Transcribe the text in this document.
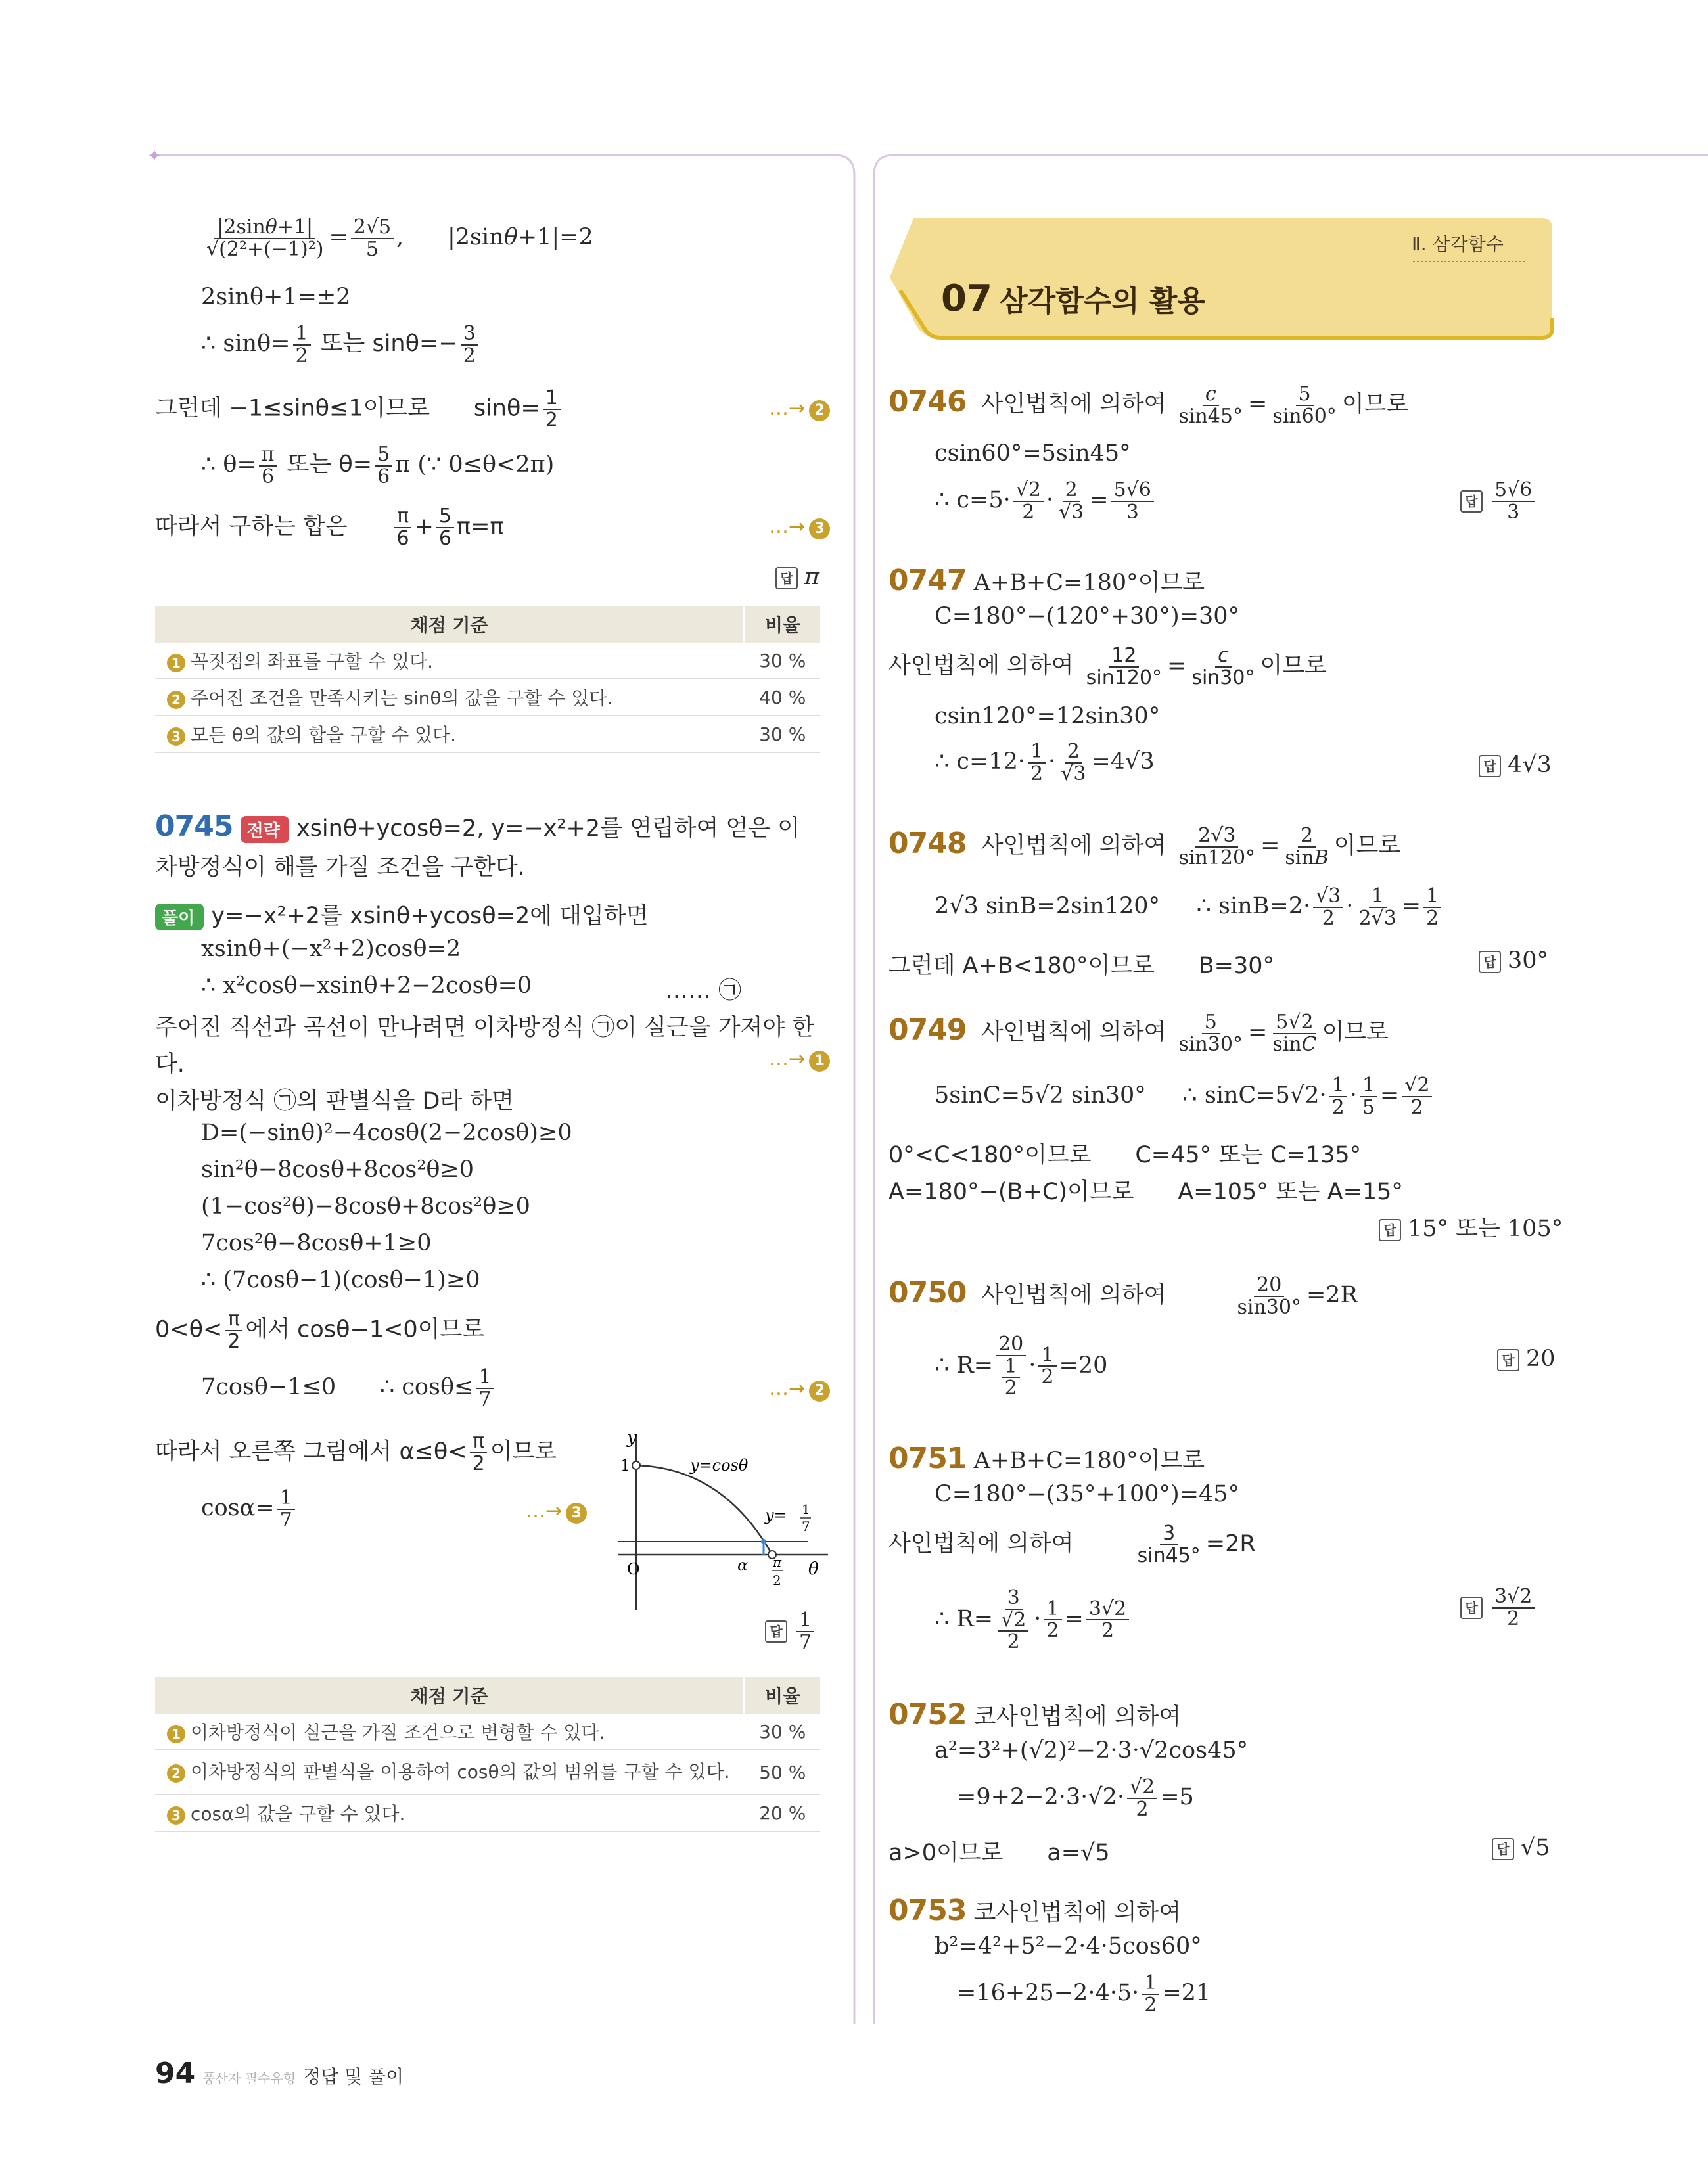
✦
$\frac{|2\sin\theta+1|}{\text{√(2²+(−1)²)}} = \frac{2√5}{5}$ ,      |2sinθ+1|=2
2sinθ+1=±2
∴ $\sin\theta= \frac{1}{2}$ 또는 $\sin\theta=- \frac{3}{2}$
그런데 −1≤sinθ≤1이므로 $\sin\theta= \frac{1}{2}$	…→ 2
∴ $\theta= \frac{\pi}{6}$ 또는 $\theta= \frac{5}{6}$ π (∵ 0≤θ<2π)
따라서 구하는 합은 $\frac{\pi}{6} + \frac{5}{6} \pi=\pi$	…→ 3
답 π
채점 기준	비율
1 꼭짓점의 좌표를 구할 수 있다.	30 %
2 주어진 조건을 만족시키는 sinθ의 값을 구할 수 있다.	40 %
3 모든 θ의 값의 합을 구할 수 있다.	30 %
0745 전략 xsinθ+ycosθ=2, y=−x²+2를 연립하여 얻은 이
차방정식이 해를 가질 조건을 구한다.
풀이 y=−x²+2를 xsinθ+ycosθ=2에 대입하면
xsinθ+(−x²+2)cosθ=2
∴ x²cosθ−xsinθ+2−2cosθ=0	…… ㉠
주어진 직선과 곡선이 만나려면 이차방정식 ㉠이 실근을 가져야 한
다.	…→ 1
이차방정식 ㉠의 판별식을 D라 하면
D=(−sinθ)²−4cosθ(2−2cosθ)≥0
sin²θ−8cosθ+8cos²θ≥0
(1−cos²θ)−8cosθ+8cos²θ≥0
7cos²θ−8cosθ+1≥0
∴ (7cosθ−1)(cosθ−1)≥0
$0<\theta< \frac{\pi}{2}$ 에서 cosθ−1<0이므로
7cosθ−1≤0 ∴ $\cos\theta\le \frac{1}{7}$	…→ 2
따라서 오른쪽 그림에서 $\alpha\le\theta< \frac{\pi}{2}$ 이므로
$\cos\alpha= \frac{1}{7}$	…→ 3
y
1	y=cosθ
y= 1
7
O	α π
2
θ
답 $\frac{1}{7}$
채점 기준	비율
1 이차방정식이 실근을 가질 조건으로 변형할 수 있다.	30 %
2 이차방정식의 판별식을 이용하여 cosθ의 값의 범위를 구할 수 있다.	50 %
3 cosα의 값을 구할 수 있다.	20 %
94 풍산자 필수유형 정답 및 풀이
Ⅱ. 삼각함수
07 삼각함수의 활용
0746 사인법칙에 의하여 $\frac{c}{\sin 45^\circ} = \frac{5}{\sin 60^\circ}$ 이므로
csin60°=5sin45°
∴ $c=5\cdot \frac{√2}{2} \cdot \frac{2}{√3} = \frac{5√6}{3}$	답 $\frac{5√6}{3}$
0747 A+B+C=180°이므로
C=180°−(120°+30°)=30°
사인법칙에 의하여 $\frac{12}{\sin 120^\circ} = \frac{c}{\sin 30^\circ}$ 이므로
csin120°=12sin30°
∴ $c=12\cdot \frac{1}{2} \cdot \frac{2}{√3} =4√3$	답 4√3
0748 사인법칙에 의하여 $\frac{2√3}{\sin 120^\circ} = \frac{2}{\sin B}$ 이므로
2√3 sinB=2sin120° ∴ $\sin B=2\cdot \frac{√3}{2} \cdot \frac{1}{2√3} = \frac{1}{2}$
그런데 A+B<180°이므로 B=30°	답 30°
0749 사인법칙에 의하여 $\frac{5}{\sin 30^\circ} = \frac{5√2}{\sin C}$ 이므로
5sinC=5√2 sin30° ∴ $\sin C=5√2\cdot \frac{1}{2} \cdot \frac{1}{5} = \frac{√2}{2}$
0°<C<180°이므로 C=45° 또는 C=135°
A=180°−(B+C)이므로 A=105° 또는 A=15°
답 15° 또는 105°
0750 사인법칙에 의하여	$\frac{20}{\sin 30^\circ} =2R$
∴ $R= \frac{20}{\frac{1}{2}} \cdot \frac{1}{2} =20$	답 20
0751 A+B+C=180°이므로
C=180°−(35°+100°)=45°
사인법칙에 의하여	$\frac{3}{\sin 45^\circ} =2R$
∴ $R= \frac{3}{\frac{√2}{2}} \cdot \frac{1}{2} = \frac{3√2}{2}$	답 $\frac{3√2}{2}$
0752 코사인법칙에 의하여
a²=3²+(√2)²−2·3·√2cos45°
$=9+2-2\cdot 3\cdot√2\cdot \frac{√2}{2} =5$
a>0이므로 a=√5	답 √5
0753 코사인법칙에 의하여
b²=4²+5²−2·4·5cos60°
$=16+25-2\cdot 4\cdot 5\cdot \frac{1}{2} =21$
